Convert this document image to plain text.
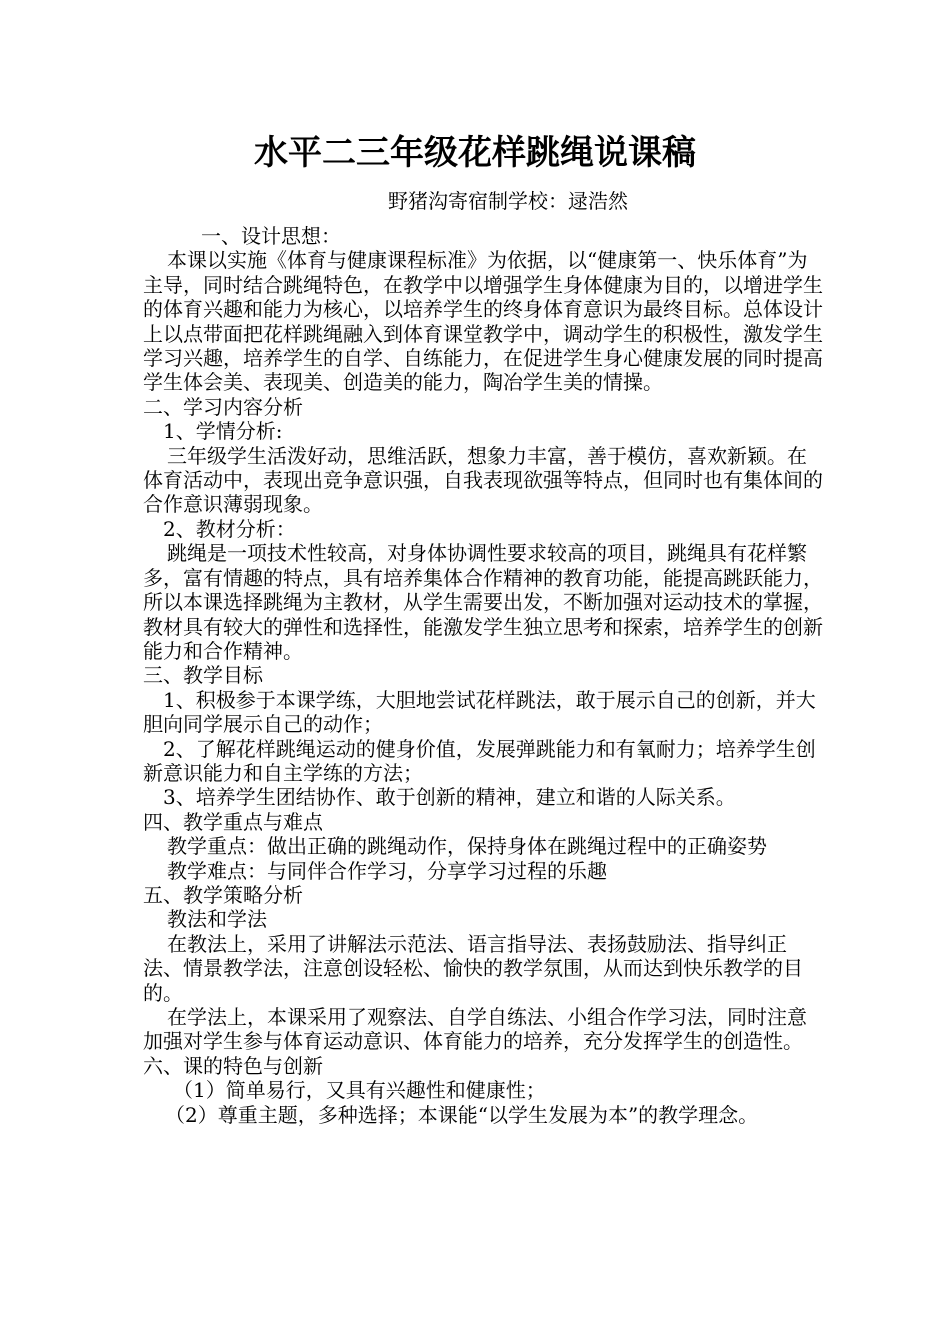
水平二三年级花样跳绳说课稿
野猪沟寄宿制学校：逯浩然

一、设计思想：

本课以实施《体育与健康课程标准》为依据，以“健康第一、快乐体育”为主导，同时结合跳绳特色，在教学中以增强学生身体健康为目的，以增进学生的体育兴趣和能力为核心，以培养学生的终身体育意识为最终目标。总体设计上以点带面把花样跳绳融入到体育课堂教学中，调动学生的积极性，激发学生学习兴趣，培养学生的自学、自练能力，在促进学生身心健康发展的同时提高学生体会美、表现美、创造美的能力，陶冶学生美的情操。

二、学习内容分析

1、学情分析:

三年级学生活泼好动，思维活跃，想象力丰富，善于模仿，喜欢新颖。在体育活动中，表现出竞争意识强，自我表现欲强等特点，但同时也有集体间的合作意识薄弱现象。

2、教材分析：

跳绳是一项技术性较高，对身体协调性要求较高的项目，跳绳具有花样繁多，富有情趣的特点，具有培养集体合作精神的教育功能，能提高跳跃能力，所以本课选择跳绳为主教材，从学生需要出发，不断加强对运动技术的掌握，教材具有较大的弹性和选择性，能激发学生独立思考和探索，培养学生的创新能力和合作精神。

三、教学目标

1、积极参于本课学练，大胆地尝试花样跳法，敢于展示自己的创新，并大胆向同学展示自己的动作；

2、了解花样跳绳运动的健身价值，发展弹跳能力和有氧耐力；培养学生创新意识能力和自主学练的方法；

3、培养学生团结协作、敢于创新的精神，建立和谐的人际关系。

四、教学重点与难点

教学重点：做出正确的跳绳动作，保持身体在跳绳过程中的正确姿势

教学难点：与同伴合作学习，分享学习过程的乐趣

五、教学策略分析

教法和学法

在教法上，采用了讲解法示范法、语言指导法、表扬鼓励法、指导纠正法、情景教学法，注意创设轻松、愉快的教学氛围，从而达到快乐教学的目的。

在学法上，本课采用了观察法、自学自练法、小组合作学习法，同时注意加强对学生参与体育运动意识、体育能力的培养，充分发挥学生的创造性。

六、课的特色与创新

（1）简单易行，又具有兴趣性和健康性；

（2）尊重主题，多种选择；本课能“以学生发展为本”的教学理念。
